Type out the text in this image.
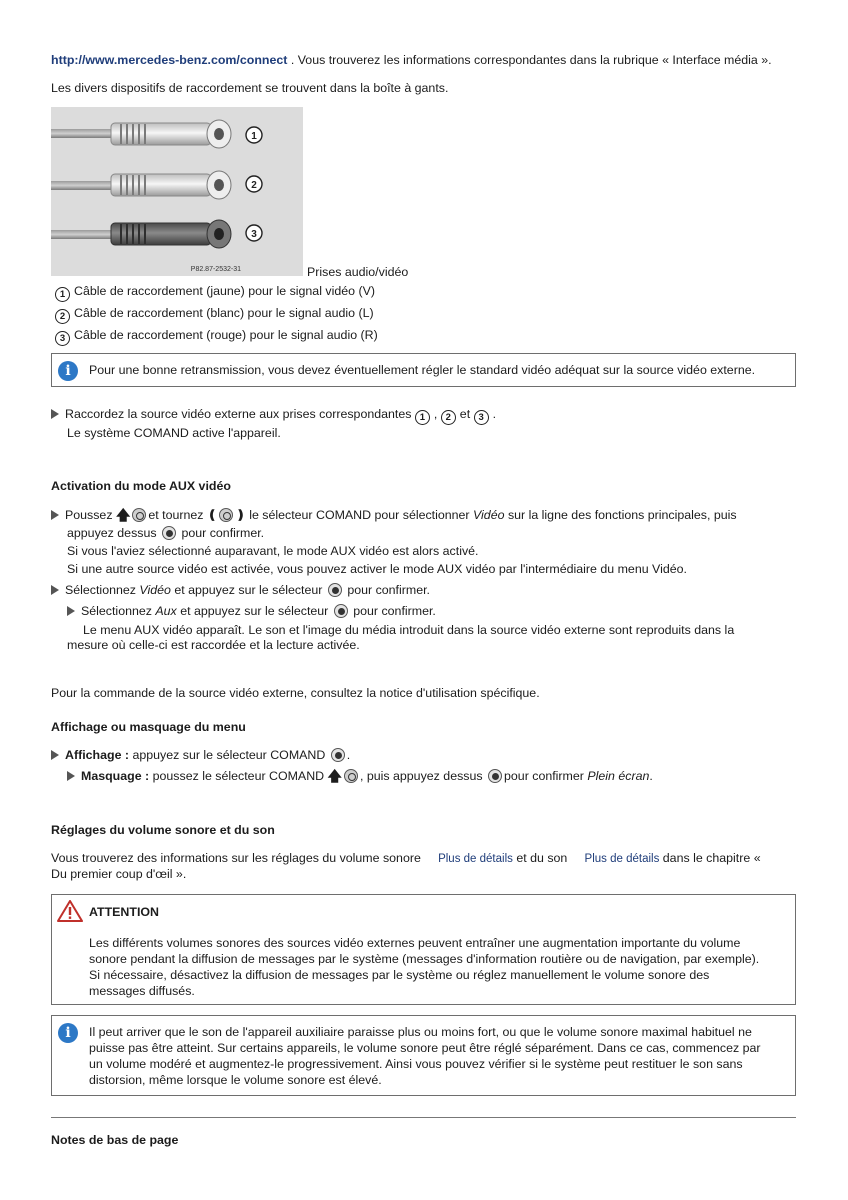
http://www.mercedes-benz.com/connect . Vous trouverez les informations correspondantes dans la rubrique « Interface média ».
Les divers dispositifs de raccordement se trouvent dans la boîte à gants.
1
2
3
P82.87-2532-31	Prises audio/vidéo
1 Câble de raccordement (jaune) pour le signal vidéo (V)
2 Câble de raccordement (blanc) pour le signal audio (L)
3 Câble de raccordement (rouge) pour le signal audio (R)
i	Pour une bonne retransmission, vous devez éventuellement régler le standard vidéo adéquat sur la source vidéo externe.
Raccordez la source vidéo externe aux prises correspondantes 1 , 2 et 3 .
Le système COMAND active l'appareil.
Activation du mode AUX vidéo
Poussez 🡅 et tournez ❪ ❫ le sélecteur COMAND pour sélectionner Vidéo sur la ligne des fonctions principales, puis
appuyez dessus pour confirmer.
Si vous l'aviez sélectionné auparavant, le mode AUX vidéo est alors activé.
Si une autre source vidéo est activée, vous pouvez activer le mode AUX vidéo par l'intermédiaire du menu Vidéo.
Sélectionnez Vidéo et appuyez sur le sélecteur pour confirmer.
Sélectionnez Aux et appuyez sur le sélecteur pour confirmer.
Le menu AUX vidéo apparaît. Le son et l'image du média introduit dans la source vidéo externe sont reproduits dans la
mesure où celle-ci est raccordée et la lecture activée.
Pour la commande de la source vidéo externe, consultez la notice d'utilisation spécifique.
Affichage ou masquage du menu
Affichage : appuyez sur le sélecteur COMAND .
Masquage : poussez le sélecteur COMAND 🡅 , puis appuyez dessus pour confirmer Plein écran.
Réglages du volume sonore et du son
Vous trouverez des informations sur les réglages du volume sonore Plus de détails et du son Plus de détails dans le chapitre «
Du premier coup d'œil ».
ATTENTION
Les différents volumes sonores des sources vidéo externes peuvent entraîner une augmentation importante du volume
sonore pendant la diffusion de messages par le système (messages d'information routière ou de navigation, par exemple).
Si nécessaire, désactivez la diffusion de messages par le système ou réglez manuellement le volume sonore des
messages diffusés.
i	Il peut arriver que le son de l'appareil auxiliaire paraisse plus ou moins fort, ou que le volume sonore maximal habituel ne
puisse pas être atteint. Sur certains appareils, le volume sonore peut être réglé séparément. Dans ce cas, commencez par
un volume modéré et augmentez-le progressivement. Ainsi vous pouvez vérifier si le système peut restituer le son sans
distorsion, même lorsque le volume sonore est élevé.
Notes de bas de page
